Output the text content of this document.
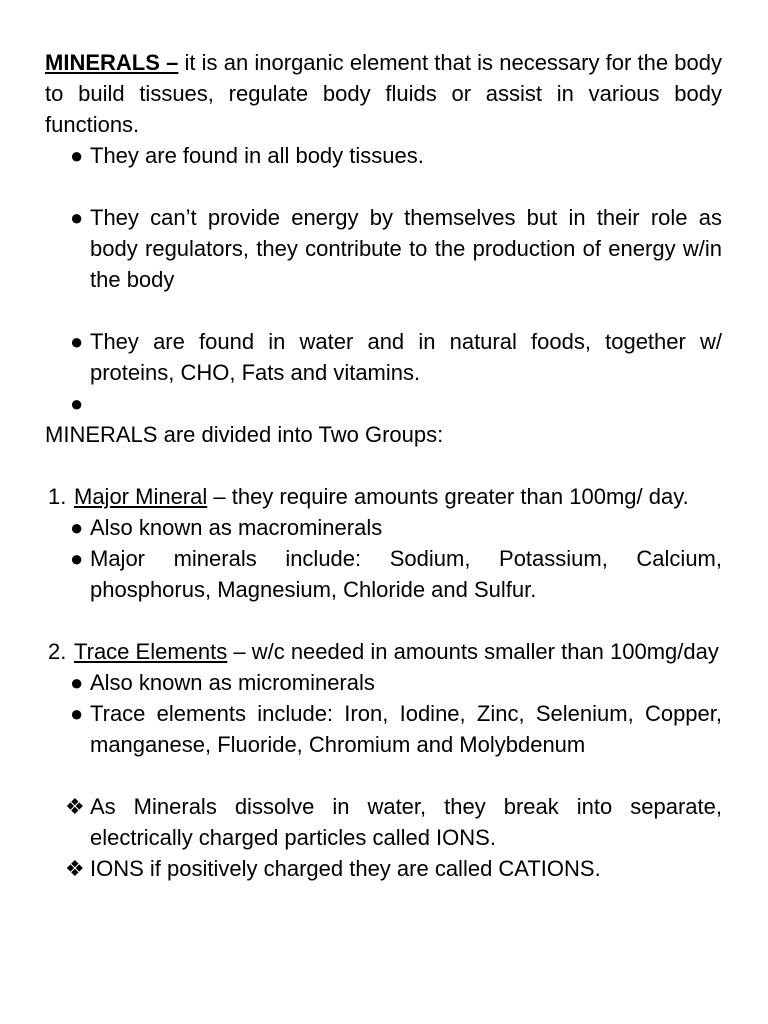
MINERALS – it is an inorganic element that is necessary for the body to build tissues, regulate body fluids or assist in various body functions.

● They are found in all body tissues.
● They can’t provide energy by themselves but in their role as body regulators, they contribute to the production of energy w/in the body
● They are found in water and in natural foods, together w/ proteins, CHO, Fats and vitamins.
●

MINERALS are divided into Two Groups:

1. Major Mineral – they require amounts greater than 100mg/ day.
● Also known as macrominerals
● Major minerals include: Sodium, Potassium, Calcium, phosphorus, Magnesium, Chloride and Sulfur.
2. Trace Elements – w/c needed in amounts smaller than 100mg/day
● Also known as microminerals
● Trace elements include: Iron, Iodine, Zinc, Selenium, Copper, manganese, Fluoride, Chromium and Molybdenum
❖ As Minerals dissolve in water, they break into separate, electrically charged particles called IONS.
❖ IONS if positively charged they are called CATIONS.
